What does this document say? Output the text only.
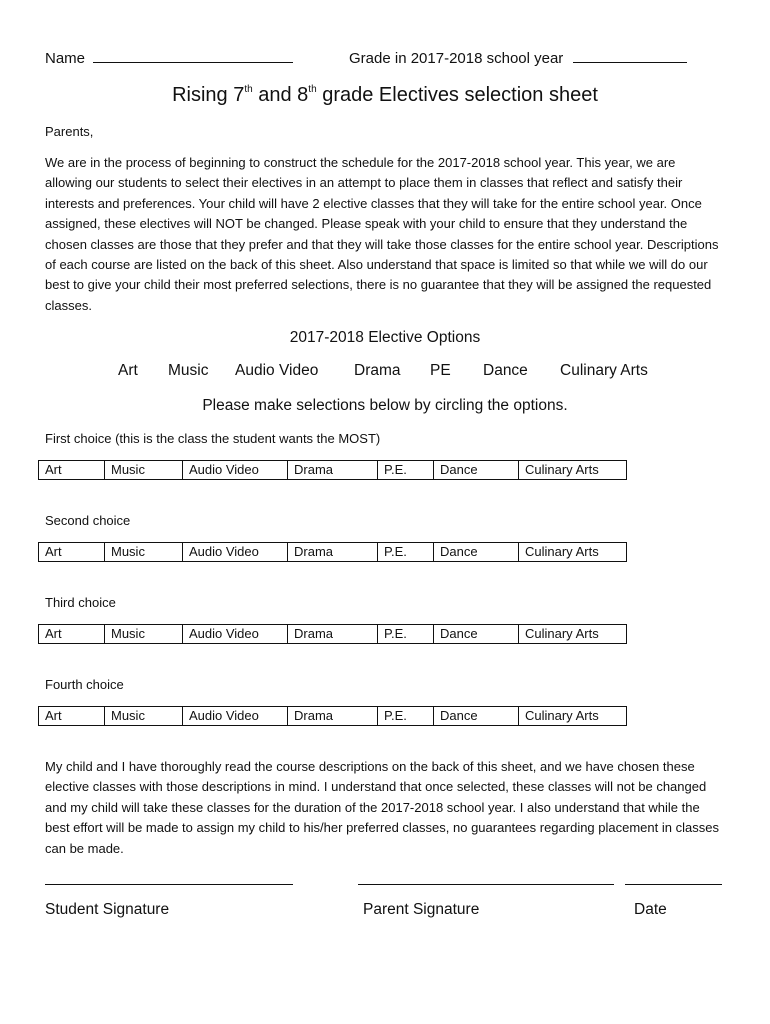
Name	Grade in 2017-2018 school year
Rising 7th and 8th grade Electives selection sheet
Parents,
We are in the process of beginning to construct the schedule for the 2017-2018 school year. This year, we are allowing our students to select their electives in an attempt to place them in classes that reflect and satisfy their interests and preferences. Your child will have 2 elective classes that they will take for the entire school year. Once assigned, these electives will NOT be changed. Please speak with your child to ensure that they understand the chosen classes are those that they prefer and that they will take those classes for the entire school year. Descriptions of each course are listed on the back of this sheet. Also understand that space is limited so that while we will do our best to give your child their most preferred selections, there is no guarantee that they will be assigned the requested classes.
2017-2018 Elective Options
Art Music Audio Video Drama PE Dance Culinary Arts
Please make selections below by circling the options.
First choice (this is the class the student wants the MOST)
Art	Music	Audio Video	Drama	P.E.	Dance	Culinary Arts
Second choice
Art	Music	Audio Video	Drama	P.E.	Dance	Culinary Arts
Third choice
Art	Music	Audio Video	Drama	P.E.	Dance	Culinary Arts
Fourth choice
Art	Music	Audio Video	Drama	P.E.	Dance	Culinary Arts
My child and I have thoroughly read the course descriptions on the back of this sheet, and we have chosen these elective classes with those descriptions in mind. I understand that once selected, these classes will not be changed and my child will take these classes for the duration of the 2017-2018 school year. I also understand that while the best effort will be made to assign my child to his/her preferred classes, no guarantees regarding placement in classes can be made.
Student Signature	Parent Signature	Date
